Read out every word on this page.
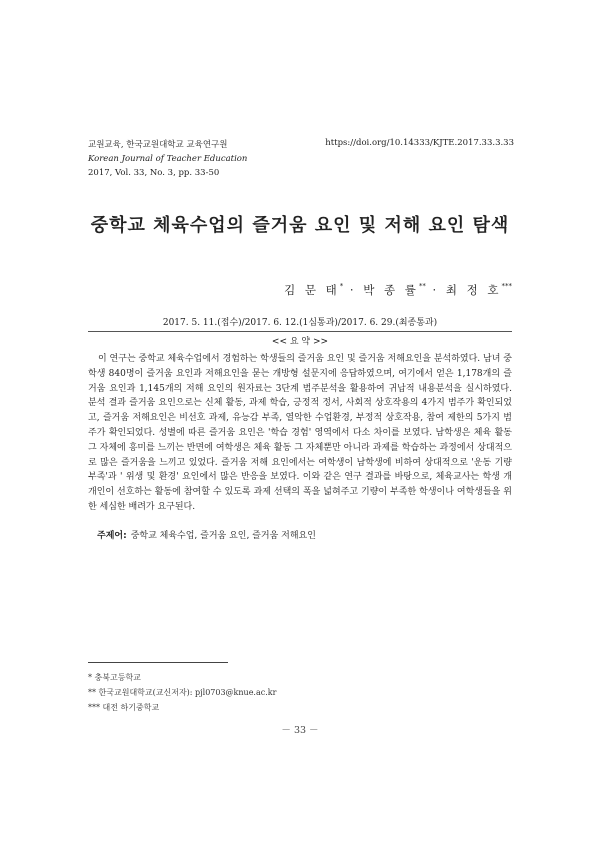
교원교육, 한국교원대학교 교육연구원
Korean Journal of Teacher Education
2017, Vol. 33, No. 3, pp. 33-50
https://doi.org/10.14333/KJTE.2017.33.3.33
중학교 체육수업의 즐거움 요인 및 저해 요인 탐색
김 문 태* · 박 종 률** · 최 정 호***
2017. 5. 11.(접수)/2017. 6. 12.(1심통과)/2017. 6. 29.(최종통과)
<< 요 약 >>
이 연구는 중학교 체육수업에서 경험하는 학생들의 즐거움 요인 및 즐거움 저해요인을 분석하였다. 남녀 중학생 840명이 즐거움 요인과 저해요인을 묻는 개방형 설문지에 응답하였으며, 여기에서 얻은 1,178개의 즐거움 요인과 1,145개의 저해 요인의 원자료는 3단계 범주분석을 활용하여 귀납적 내용분석을 실시하였다. 분석 결과 즐거움 요인으로는 신체 활동, 과제 학습, 긍정적 정서, 사회적 상호작용의 4가지 범주가 확인되었고, 즐거움 저해요인은 비선호 과제, 유능감 부족, 열악한 수업환경, 부정적 상호작용, 참여 제한의 5가지 범주가 확인되었다. 성별에 따른 즐거움 요인은 '학습 경험' 영역에서 다소 차이를 보였다. 남학생은 체육 활동 그 자체에 흥미를 느끼는 반면에 여학생은 체육 활동 그 자체뿐만 아니라 과제를 학습하는 과정에서 상대적으로 많은 즐거움을 느끼고 있었다. 즐거움 저해 요인에서는 여학생이 남학생에 비하여 상대적으로 '운동 기량 부족'과 ' 위생 및 환경' 요인에서 많은 반응을 보였다. 이와 같은 연구 결과를 바탕으로, 체육교사는 학생 개개인이 선호하는 활동에 참여할 수 있도록 과제 선택의 폭을 넓혀주고 기량이 부족한 학생이나 여학생들을 위한 세심한 배려가 요구된다.
주제어: 중학교 체육수업, 즐거움 요인, 즐거움 저해요인
* 충북고등학교
** 한국교원대학교(교신저자): pjl0703@knue.ac.kr
*** 대전 하기중학교
－ 33 －
